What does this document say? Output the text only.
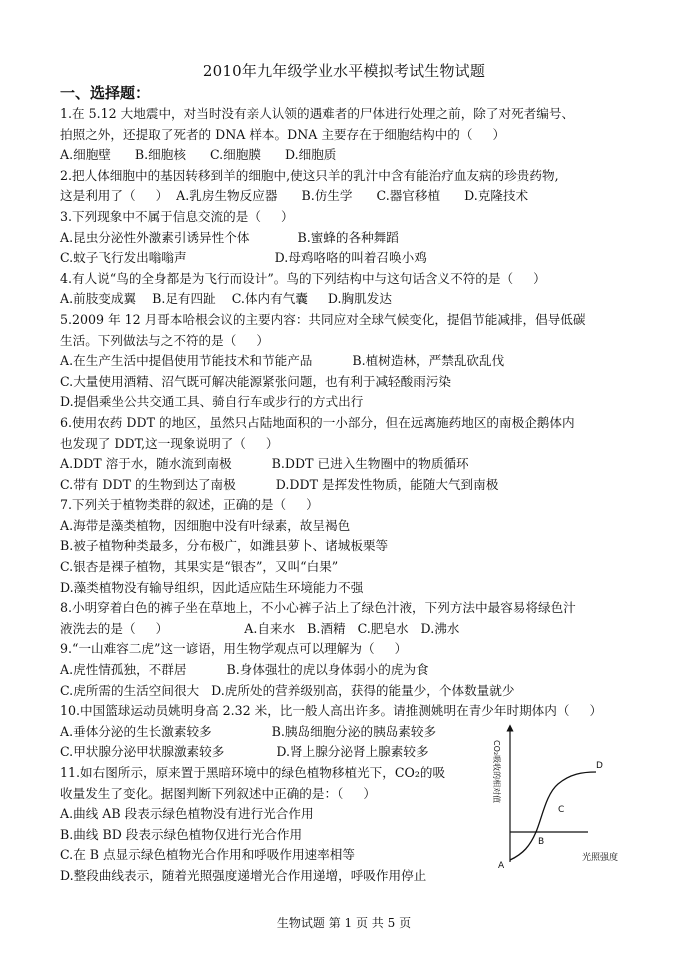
2010年九年级学业水平模拟考试生物试题
一、选择题：
1.在 5.12 大地震中，对当时没有亲人认领的遇难者的尸体进行处理之前，除了对死者编号、
拍照之外，还提取了死者的 DNA 样本。DNA 主要存在于细胞结构中的（     ）
A.细胞壁      B.细胞核      C.细胞膜      D.细胞质
2.把人体细胞中的基因转移到羊的细胞中,使这只羊的乳汁中含有能治疗血友病的珍贵药物,
这是利用了（     ）  A.乳房生物反应器      B.仿生学      C.器官移植      D.克隆技术
3.下列现象中不属于信息交流的是（     ）
A.昆虫分泌性外激素引诱异性个体            B.蜜蜂的各种舞蹈
C.蚊子飞行发出嗡嗡声                      D.母鸡咯咯的叫着召唤小鸡
4.有人说“鸟的全身都是为飞行而设计”。鸟的下列结构中与这句话含义不符的是（     ）
A.前肢变成翼    B.足有四趾    C.体内有气囊     D.胸肌发达
5.2009 年 12 月哥本哈根会议的主要内容：共同应对全球气候变化，提倡节能减排，倡导低碳
生活。下列做法与之不符的是（     ）
A.在生产生活中提倡使用节能技术和节能产品          B.植树造林，严禁乱砍乱伐
C.大量使用酒精、沼气既可解决能源紧张问题，也有利于减轻酸雨污染
D.提倡乘坐公共交通工具、骑自行车或步行的方式出行
6.使用农药 DDT 的地区，虽然只占陆地面积的一小部分，但在远离施药地区的南极企鹅体内
也发现了 DDT,这一现象说明了（     ）
A.DDT 溶于水，随水流到南极          B.DDT 已进入生物圈中的物质循环
C.带有 DDT 的生物到达了南极          D.DDT 是挥发性物质，能随大气到南极
7.下列关于植物类群的叙述，正确的是（     ）
A.海带是藻类植物，因细胞中没有叶绿素，故呈褐色
B.被子植物种类最多，分布极广，如潍县萝卜、诸城板栗等
C.银杏是裸子植物，其果实是“银杏”，又叫“白果”
D.藻类植物没有输导组织，因此适应陆生环境能力不强
8.小明穿着白色的裤子坐在草地上，不小心裤子沾上了绿色汁液，下列方法中最容易将绿色汁
液洗去的是（     ）                   A.自来水   B.酒精   C.肥皂水   D.沸水
9.“一山难容二虎”这一谚语，用生物学观点可以理解为（     ）
A.虎性情孤独，不群居          B.身体强壮的虎以身体弱小的虎为食
C.虎所需的生活空间很大   D.虎所处的营养级别高，获得的能量少，个体数量就少
10.中国篮球运动员姚明身高 2.32 米，比一般人高出许多。请推测姚明在青少年时期体内（     ）
A.垂体分泌的生长激素较多               B.胰岛细胞分泌的胰岛素较多
C.甲状腺分泌甲状腺激素较多             D.肾上腺分泌肾上腺素较多
11.如右图所示，原来置于黑暗环境中的绿色植物移植光下，CO₂的吸
收量发生了变化。据图判断下列叙述中正确的是：（     ）
A.曲线 AB 段表示绿色植物没有进行光合作用
B.曲线 BD 段表示绿色植物仅进行光合作用
C.在 B 点显示绿色植物光合作用和呼吸作用速率相等
D.整段曲线表示，随着光照强度递增光合作用递增，呼吸作用停止
CO₂吸收的相对值
光照强度
A
B
C
D
生物试题 第 1 页 共 5 页
